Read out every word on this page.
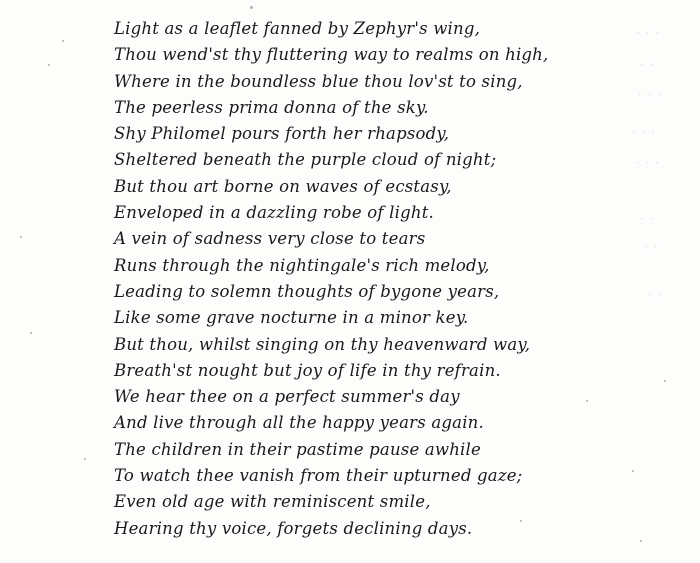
· · ·
· ·
· · ·
· · ·
· · ·
· ·
· ·
· ·
Light as a leaflet fanned by Zephyr's wing,
Thou wend'st thy fluttering way to realms on high,
Where in the boundless blue thou lov'st to sing,
The peerless prima donna of the sky.
Shy Philomel pours forth her rhapsody,
Sheltered beneath the purple cloud of night;
But thou art borne on waves of ecstasy,
Enveloped in a dazzling robe of light.
A vein of sadness very close to tears
Runs through the nightingale's rich melody,
Leading to solemn thoughts of bygone years,
Like some grave nocturne in a minor key.
But thou, whilst singing on thy heavenward way,
Breath'st nought but joy of life in thy refrain.
We hear thee on a perfect summer's day
And live through all the happy years again.
The children in their pastime pause awhile
To watch thee vanish from their upturned gaze;
Even old age with reminiscent smile,
Hearing thy voice, forgets declining days.
